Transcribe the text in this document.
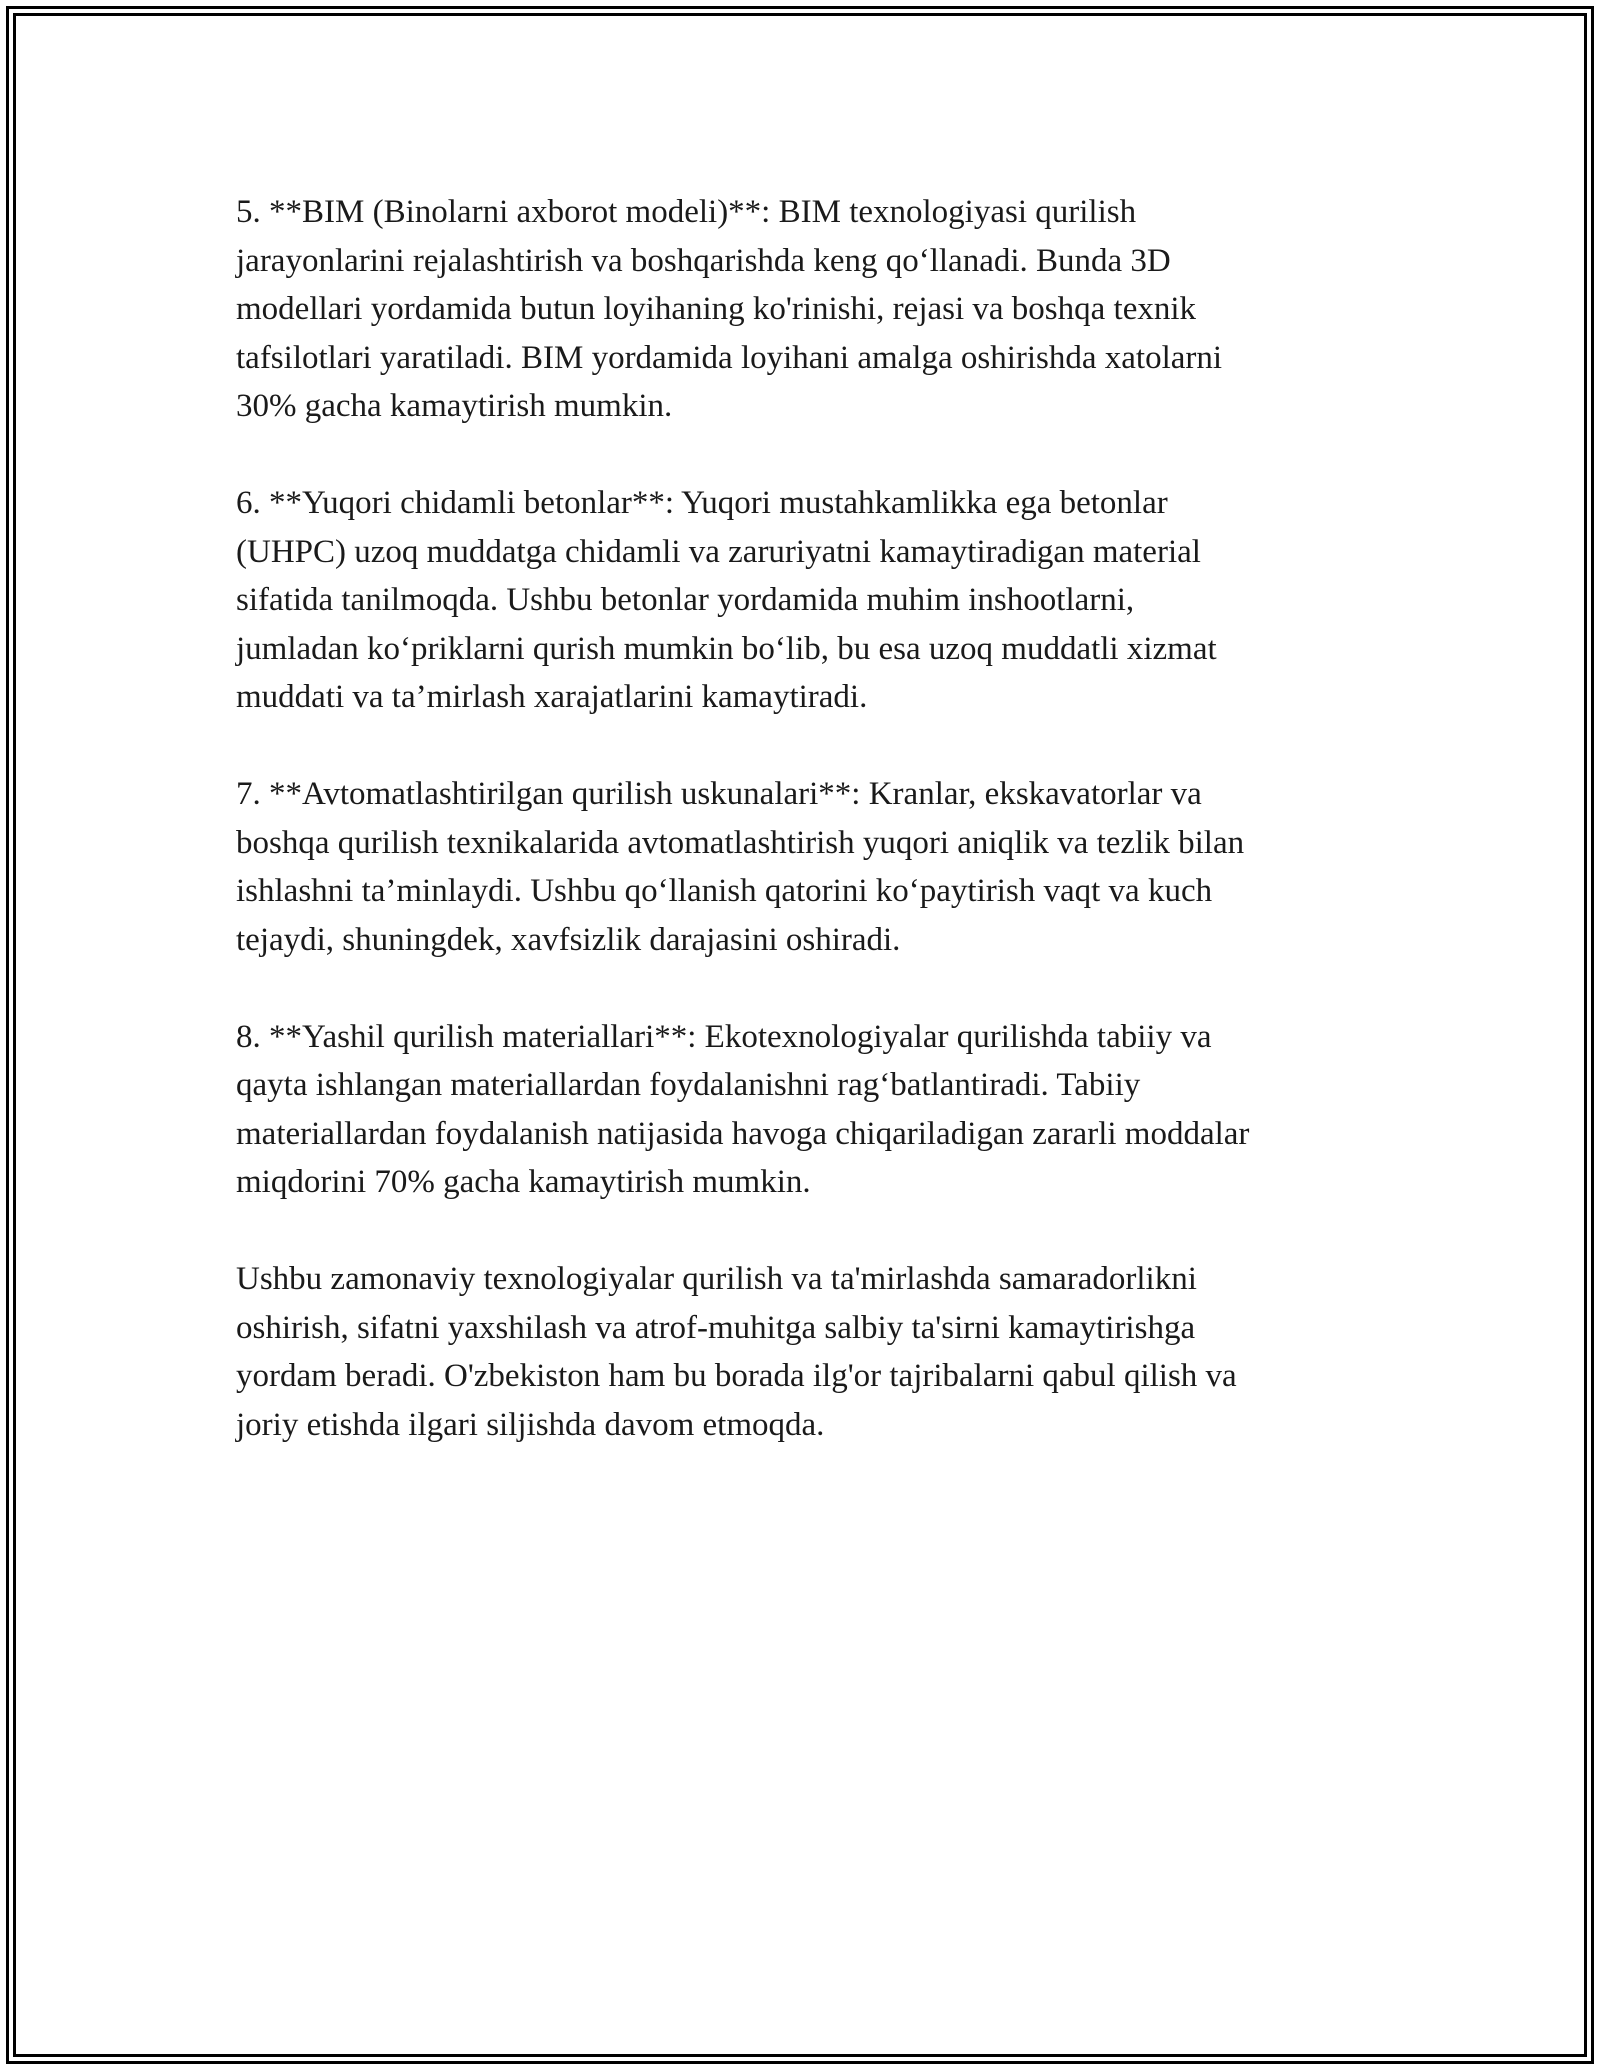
5. **BIM (Binolarni axborot modeli)**: BIM texnologiyasi qurilish
jarayonlarini rejalashtirish va boshqarishda keng qo‘llanadi. Bunda 3D
modellari yordamida butun loyihaning ko'rinishi, rejasi va boshqa texnik
tafsilotlari yaratiladi. BIM yordamida loyihani amalga oshirishda xatolarni
30% gacha kamaytirish mumkin.

6. **Yuqori chidamli betonlar**: Yuqori mustahkamlikka ega betonlar
(UHPC) uzoq muddatga chidamli va zaruriyatni kamaytiradigan material
sifatida tanilmoqda. Ushbu betonlar yordamida muhim inshootlarni,
jumladan ko‘priklarni qurish mumkin bo‘lib, bu esa uzoq muddatli xizmat
muddati va ta’mirlash xarajatlarini kamaytiradi.

7. **Avtomatlashtirilgan qurilish uskunalari**: Kranlar, ekskavatorlar va
boshqa qurilish texnikalarida avtomatlashtirish yuqori aniqlik va tezlik bilan
ishlashni ta’minlaydi. Ushbu qo‘llanish qatorini ko‘paytirish vaqt va kuch
tejaydi, shuningdek, xavfsizlik darajasini oshiradi.

8. **Yashil qurilish materiallari**: Ekotexnologiyalar qurilishda tabiiy va
qayta ishlangan materiallardan foydalanishni rag‘batlantiradi. Tabiiy
materiallardan foydalanish natijasida havoga chiqariladigan zararli moddalar
miqdorini 70% gacha kamaytirish mumkin.

Ushbu zamonaviy texnologiyalar qurilish va ta'mirlashda samaradorlikni
oshirish, sifatni yaxshilash va atrof-muhitga salbiy ta'sirni kamaytirishga
yordam beradi. O'zbekiston ham bu borada ilg'or tajribalarni qabul qilish va
joriy etishda ilgari siljishda davom etmoqda.
